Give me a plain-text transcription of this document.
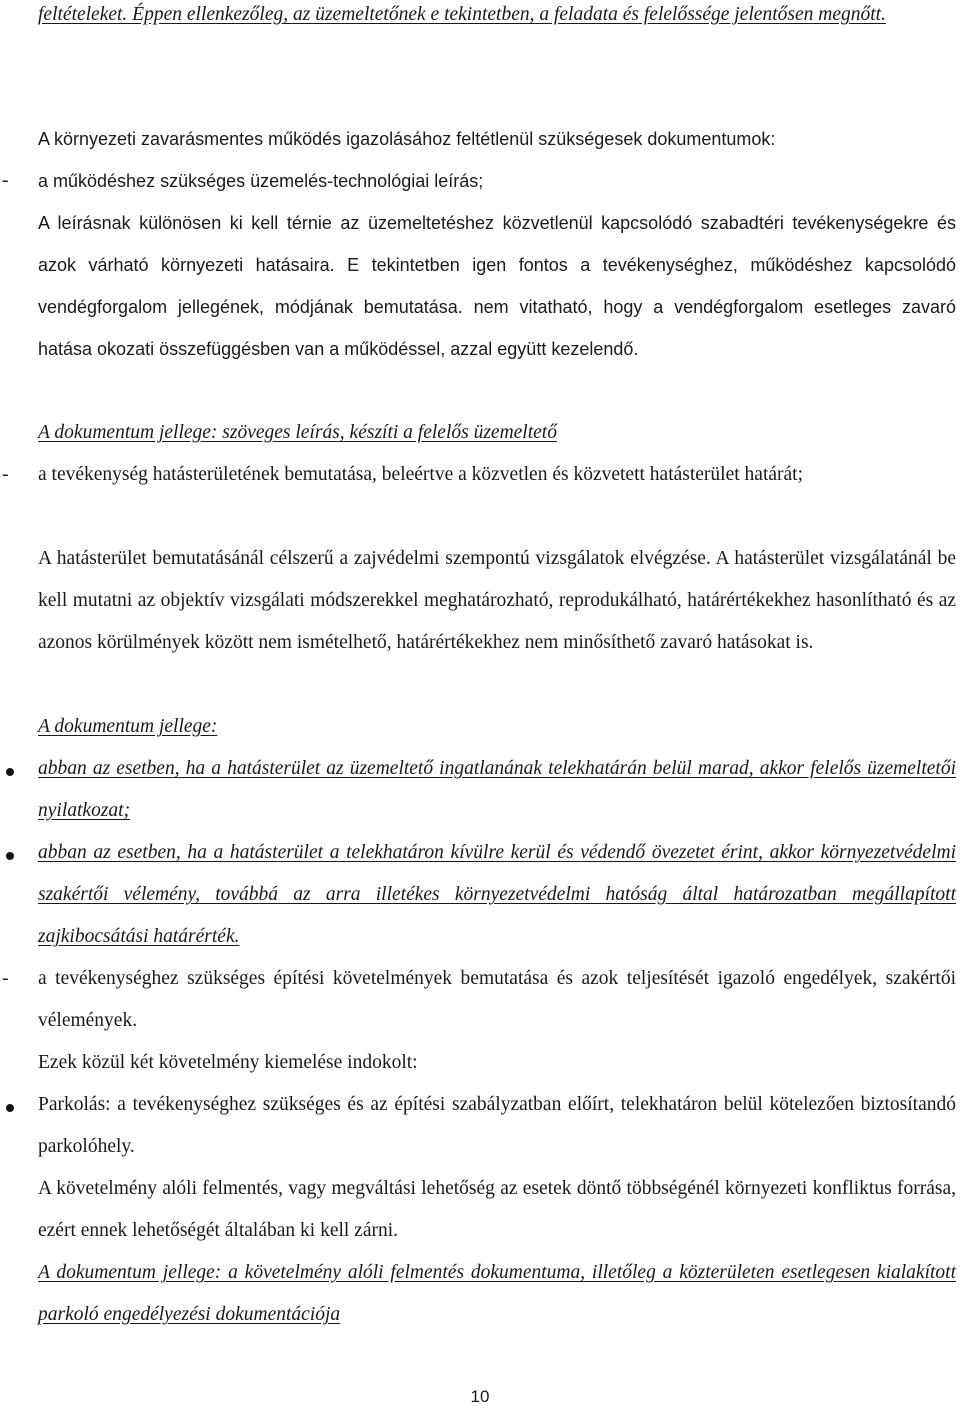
feltételeket. Éppen ellenkezőleg, az üzemeltetőnek e tekintetben, a feladata és felelőssége jelentősen megnőtt.

A környezeti zavarásmentes működés igazolásához feltétlenül szükségesek dokumentumok:

-	a működéshez szükséges üzemelés-technológiai leírás;

A leírásnak különösen ki kell térnie az üzemeltetéshez közvetlenül kapcsolódó szabadtéri tevékenységekre és azok várható környezeti hatásaira. E tekintetben igen fontos a tevékenységhez, működéshez kapcsolódó vendégforgalom jellegének, módjának bemutatása. nem vitatható, hogy a vendégforgalom esetleges zavaró hatása okozati összefüggésben van a működéssel, azzal együtt kezelendő.

A dokumentum jellege: szöveges leírás, készíti a felelős üzemeltető

-	a tevékenység hatásterületének bemutatása, beleértve a közvetlen és közvetett hatásterület határát;

A hatásterület bemutatásánál célszerű a zajvédelmi szempontú vizsgálatok elvégzése. A hatásterület vizsgálatánál be kell mutatni az objektív vizsgálati módszerekkel meghatározható, reprodukálható, határértékekhez hasonlítható és az azonos körülmények között nem ismételhető, határértékekhez nem minősíthető zavaró hatásokat is.

A dokumentum jellege:

abban az esetben, ha a hatásterület az üzemeltető ingatlanának telekhatárán belül marad, akkor felelős üzemeltetői nyilatkozat;

abban az esetben, ha a hatásterület a telekhatáron kívülre kerül és védendő övezetet érint, akkor környezetvédelmi szakértői vélemény, továbbá az arra illetékes környezetvédelmi hatóság által határozatban megállapított zajkibocsátási határérték.

-	a tevékenységhez szükséges építési követelmények bemutatása és azok teljesítését igazoló engedélyek, szakértői vélemények.

Ezek közül két követelmény kiemelése indokolt:

Parkolás: a tevékenységhez szükséges és az építési szabályzatban előírt, telekhatáron belül kötelezően biztosítandó parkolóhely.

A követelmény alóli felmentés, vagy megváltási lehetőség az esetek döntő többségénél környezeti konfliktus forrása, ezért ennek lehetőségét általában ki kell zárni.

A dokumentum jellege: a követelmény alóli felmentés dokumentuma, illetőleg a közterületen esetlegesen kialakított parkoló engedélyezési dokumentációja

10
